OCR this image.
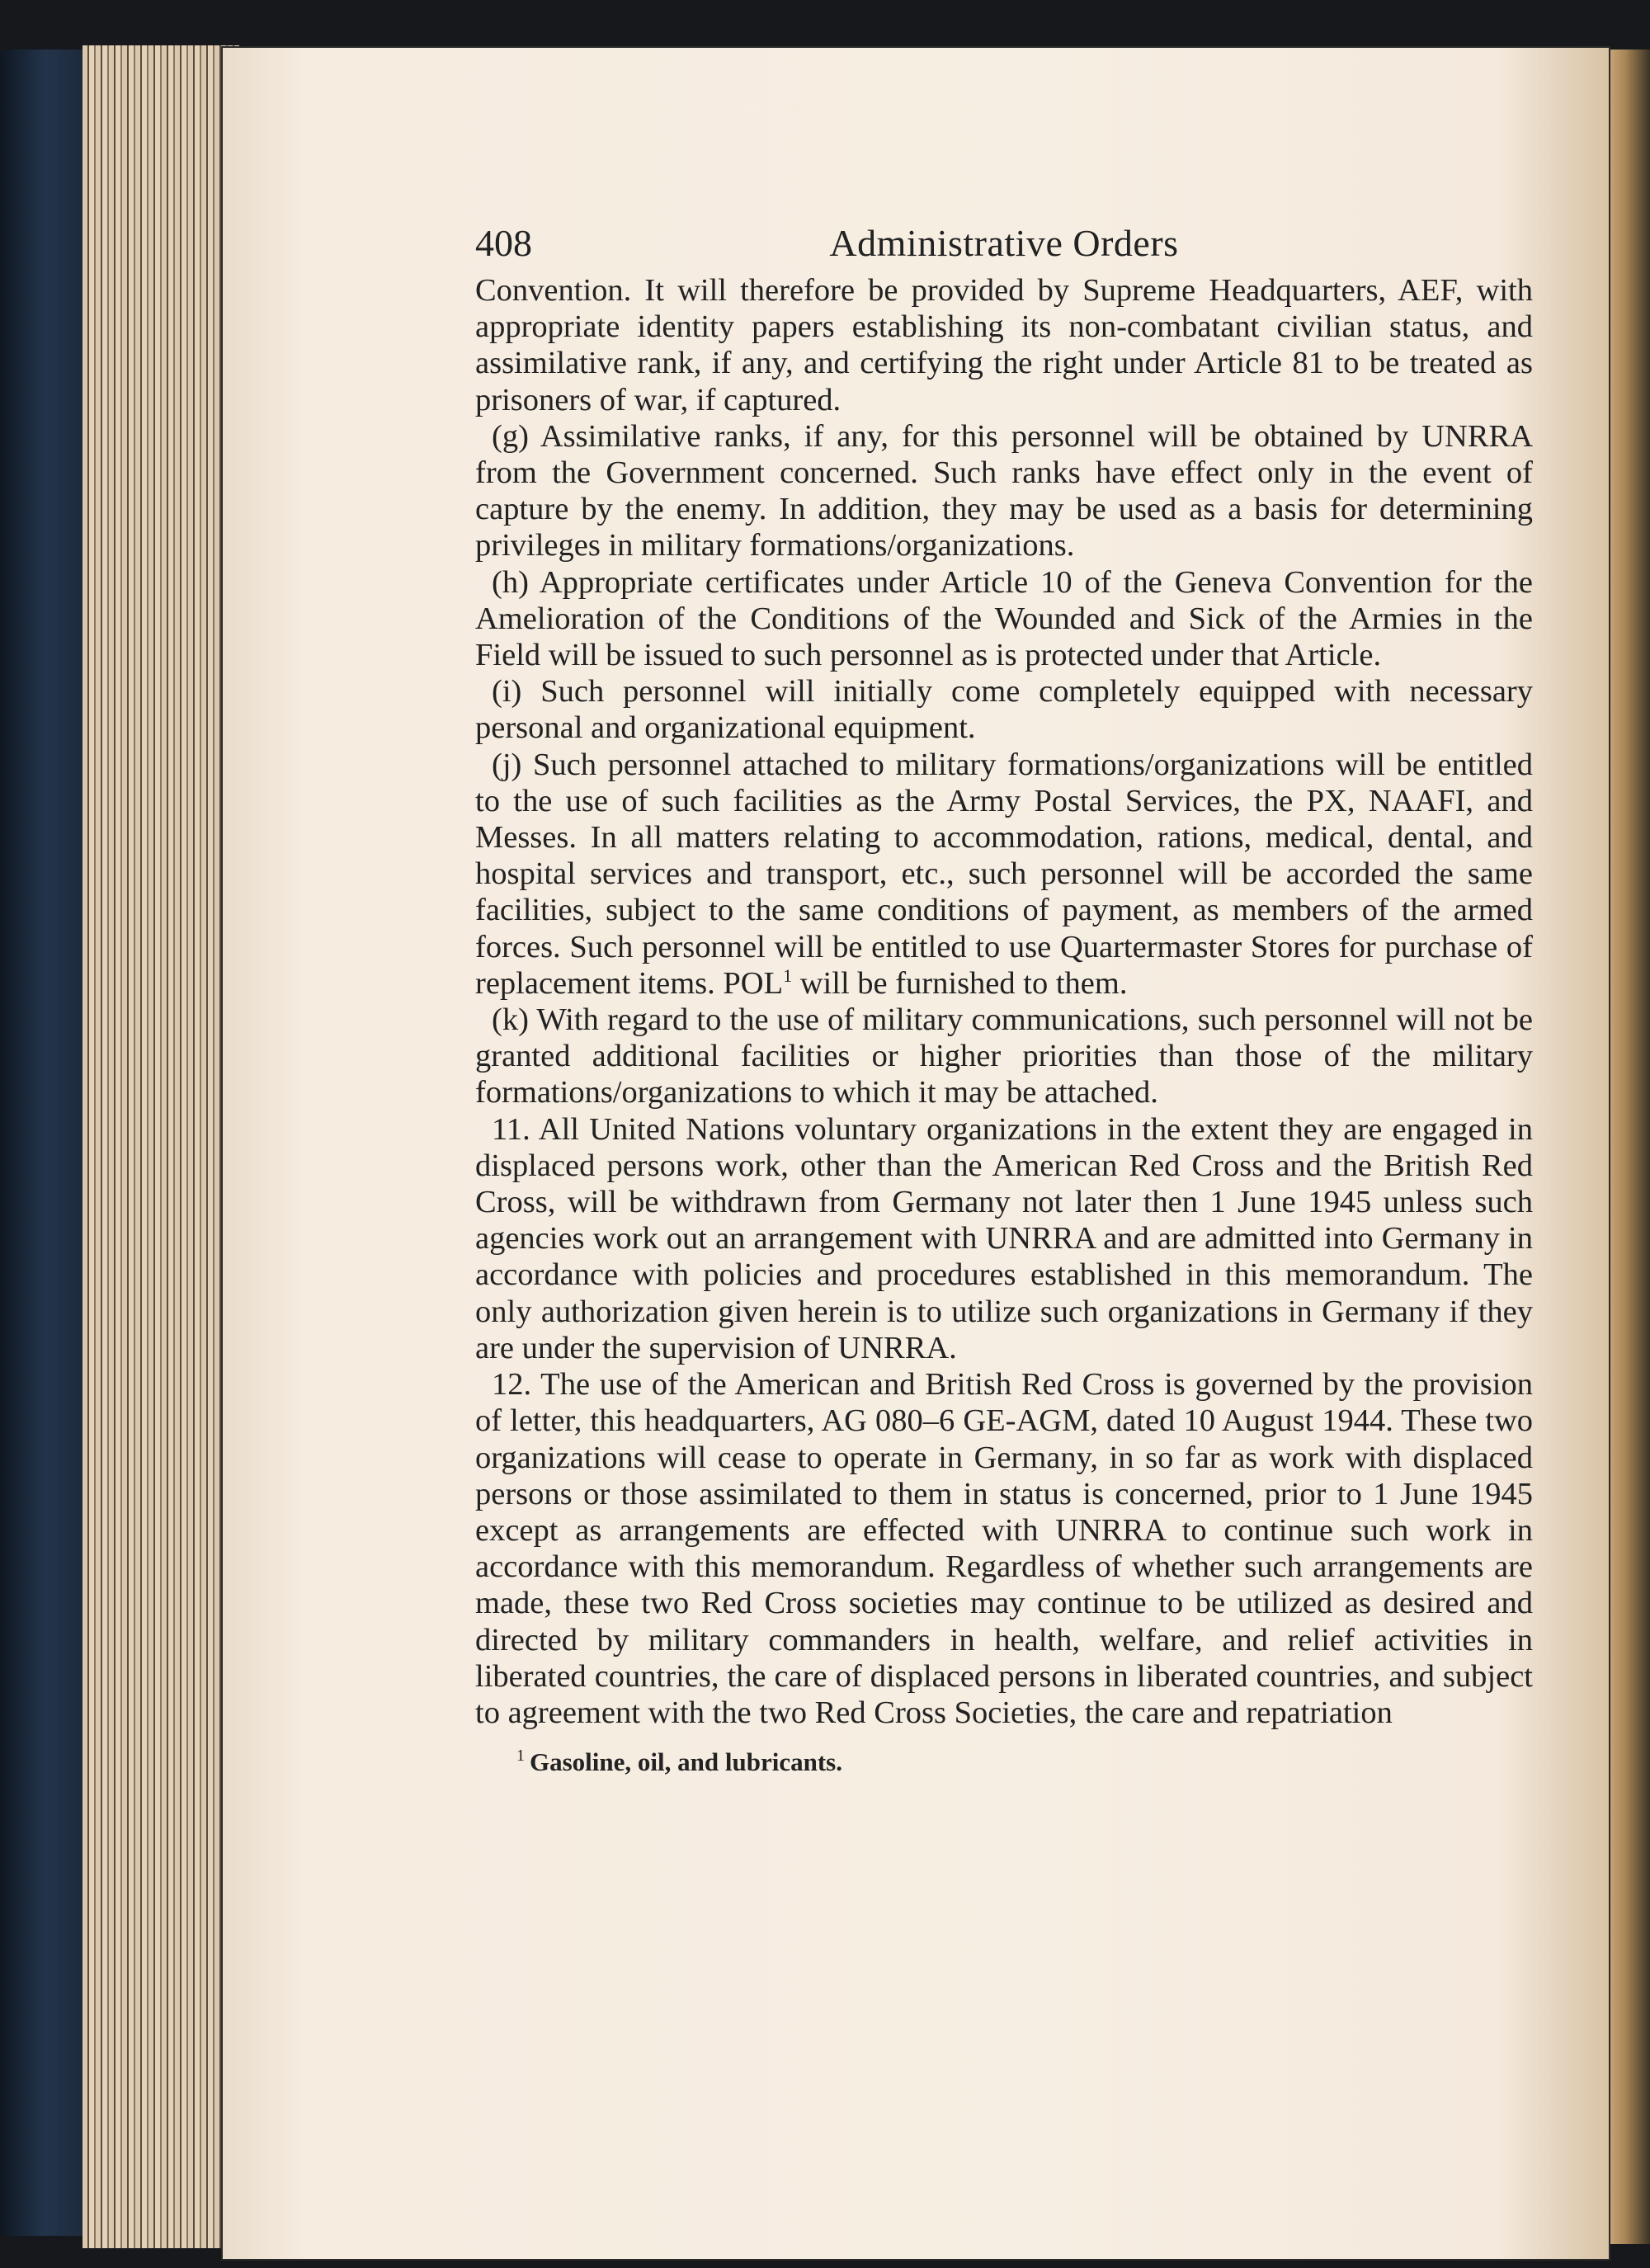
408	Administrative Orders

Convention. It will therefore be provided by Supreme Headquarters, AEF, with appropriate identity papers establishing its non-combatant civilian status, and assimilative rank, if any, and certifying the right under Article 81 to be treated as prisoners of war, if captured.

(g) Assimilative ranks, if any, for this personnel will be obtained by UNRRA from the Government concerned. Such ranks have effect only in the event of capture by the enemy. In addition, they may be used as a basis for determining privileges in military formations/organizations.

(h) Appropriate certificates under Article 10 of the Geneva Convention for the Amelioration of the Conditions of the Wounded and Sick of the Armies in the Field will be issued to such personnel as is protected under that Article.

(i) Such personnel will initially come completely equipped with necessary personal and organizational equipment.

(j) Such personnel attached to military formations/organizations will be entitled to the use of such facilities as the Army Postal Services, the PX, NAAFI, and Messes. In all matters relating to accommodation, rations, medical, dental, and hospital services and transport, etc., such personnel will be accorded the same facilities, subject to the same conditions of payment, as members of the armed forces. Such personnel will be entitled to use Quartermaster Stores for purchase of replacement items. POL$^1$ will be furnished to them.

(k) With regard to the use of military communications, such personnel will not be granted additional facilities or higher priorities than those of the military formations/organizations to which it may be attached.

11. All United Nations voluntary organizations in the extent they are engaged in displaced persons work, other than the American Red Cross and the British Red Cross, will be withdrawn from Germany not later then 1 June 1945 unless such agencies work out an arrangement with UNRRA and are admitted into Germany in accordance with policies and procedures established in this memorandum. The only authorization given herein is to utilize such organizations in Germany if they are under the supervision of UNRRA.

12. The use of the American and British Red Cross is governed by the provision of letter, this headquarters, AG 080–6 GE-AGM, dated 10 August 1944. These two organizations will cease to operate in Germany, in so far as work with displaced persons or those assimilated to them in status is concerned, prior to 1 June 1945 except as arrangements are effected with UNRRA to continue such work in accordance with this memorandum. Regardless of whether such arrangements are made, these two Red Cross societies may continue to be utilized as desired and directed by military commanders in health, welfare, and relief activities in liberated countries, the care of displaced persons in liberated countries, and subject to agreement with the two Red Cross Societies, the care and repatriation

$^1$ Gasoline, oil, and lubricants.
